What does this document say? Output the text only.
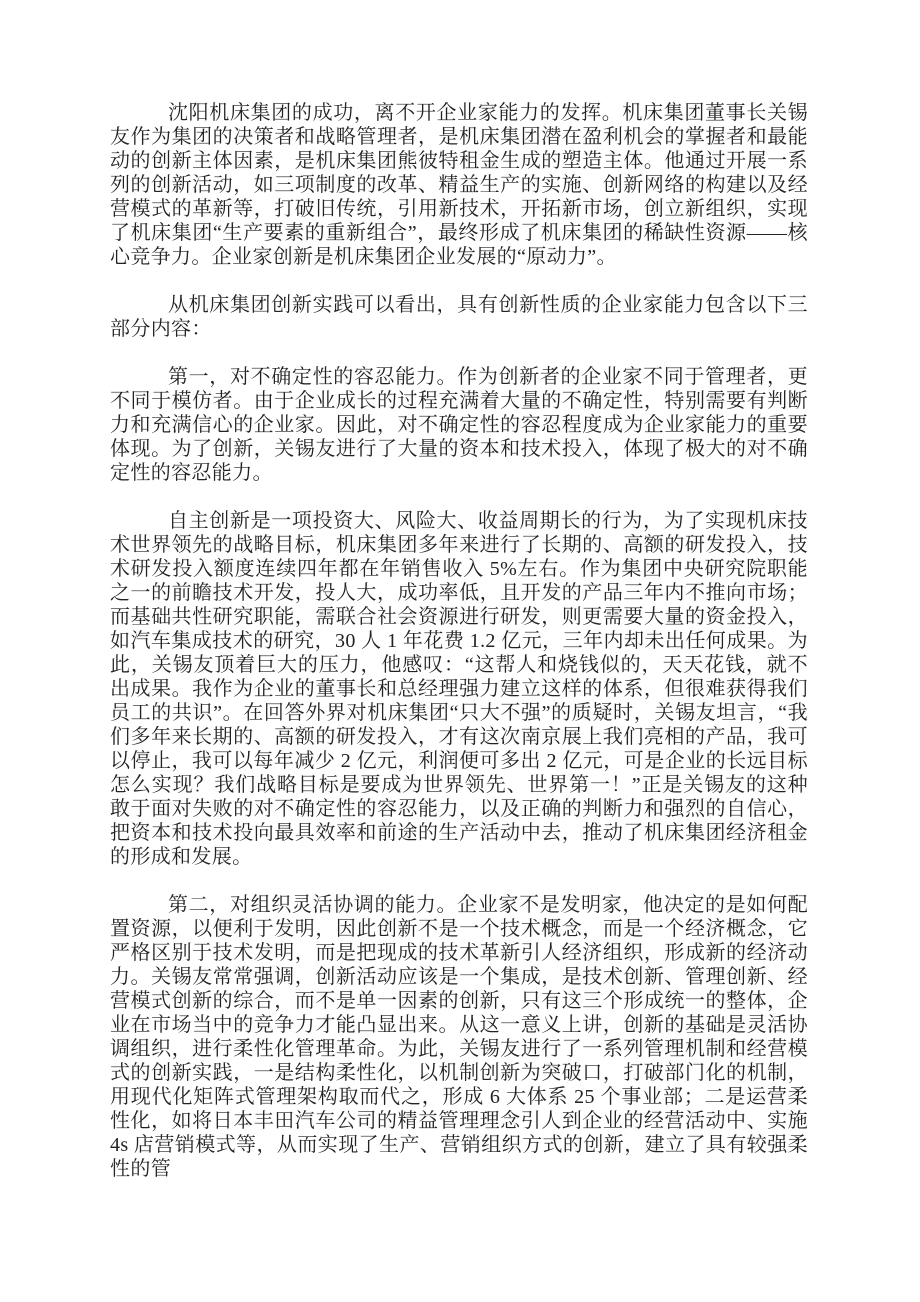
沈阳机床集团的成功，离不开企业家能力的发挥。机床集团董事长关锡友作为集团的决策者和战略管理者，是机床集团潜在盈利机会的掌握者和最能动的创新主体因素，是机床集团熊彼特租金生成的塑造主体。他通过开展一系列的创新活动，如三项制度的改革、精益生产的实施、创新网络的构建以及经营模式的革新等，打破旧传统，引用新技术，开拓新市场，创立新组织，实现了机床集团“生产要素的重新组合”，最终形成了机床集团的稀缺性资源——核心竞争力。企业家创新是机床集团企业发展的“原动力”。

从机床集团创新实践可以看出，具有创新性质的企业家能力包含以下三部分内容：

第一，对不确定性的容忍能力。作为创新者的企业家不同于管理者，更不同于模仿者。由于企业成长的过程充满着大量的不确定性，特别需要有判断力和充满信心的企业家。因此，对不确定性的容忍程度成为企业家能力的重要体现。为了创新，关锡友进行了大量的资本和技术投入，体现了极大的对不确定性的容忍能力。

自主创新是一项投资大、风险大、收益周期长的行为，为了实现机床技术世界领先的战略目标，机床集团多年来进行了长期的、高额的研发投入，技术研发投入额度连续四年都在年销售收入 5%左右。作为集团中央研究院职能之一的前瞻技术开发，投人大，成功率低，且开发的产品三年内不推向市场；而基础共性研究职能，需联合社会资源进行研发，则更需要大量的资金投入，如汽车集成技术的研究，30 人 1 年花费 1.2 亿元，三年内却未出任何成果。为此，关锡友顶着巨大的压力，他感叹：“这帮人和烧钱似的，天天花钱，就不出成果。我作为企业的董事长和总经理强力建立这样的体系，但很难获得我们员工的共识”。在回答外界对机床集团“只大不强”的质疑时，关锡友坦言，“我们多年来长期的、高额的研发投入，才有这次南京展上我们亮相的产品，我可以停止，我可以每年减少 2 亿元，利润便可多出 2 亿元，可是企业的长远目标怎么实现？我们战略目标是要成为世界领先、世界第一！”正是关锡友的这种敢于面对失败的对不确定性的容忍能力，以及正确的判断力和强烈的自信心，把资本和技术投向最具效率和前途的生产活动中去，推动了机床集团经济租金的形成和发展。

第二，对组织灵活协调的能力。企业家不是发明家，他决定的是如何配置资源，以便利于发明，因此创新不是一个技术概念，而是一个经济概念，它严格区别于技术发明，而是把现成的技术革新引人经济组织，形成新的经济动力。关锡友常常强调，创新活动应该是一个集成，是技术创新、管理创新、经营模式创新的综合，而不是单一因素的创新，只有这三个形成统一的整体，企业在市场当中的竞争力才能凸显出来。从这一意义上讲，创新的基础是灵活协调组织，进行柔性化管理革命。为此，关锡友进行了一系列管理机制和经营模式的创新实践，一是结构柔性化，以机制创新为突破口，打破部门化的机制，用现代化矩阵式管理架构取而代之，形成 6 大体系 25 个事业部；二是运营柔性化，如将日本丰田汽车公司的精益管理理念引人到企业的经营活动中、实施 4s 店营销模式等，从而实现了生产、营销组织方式的创新，建立了具有较强柔性的管
